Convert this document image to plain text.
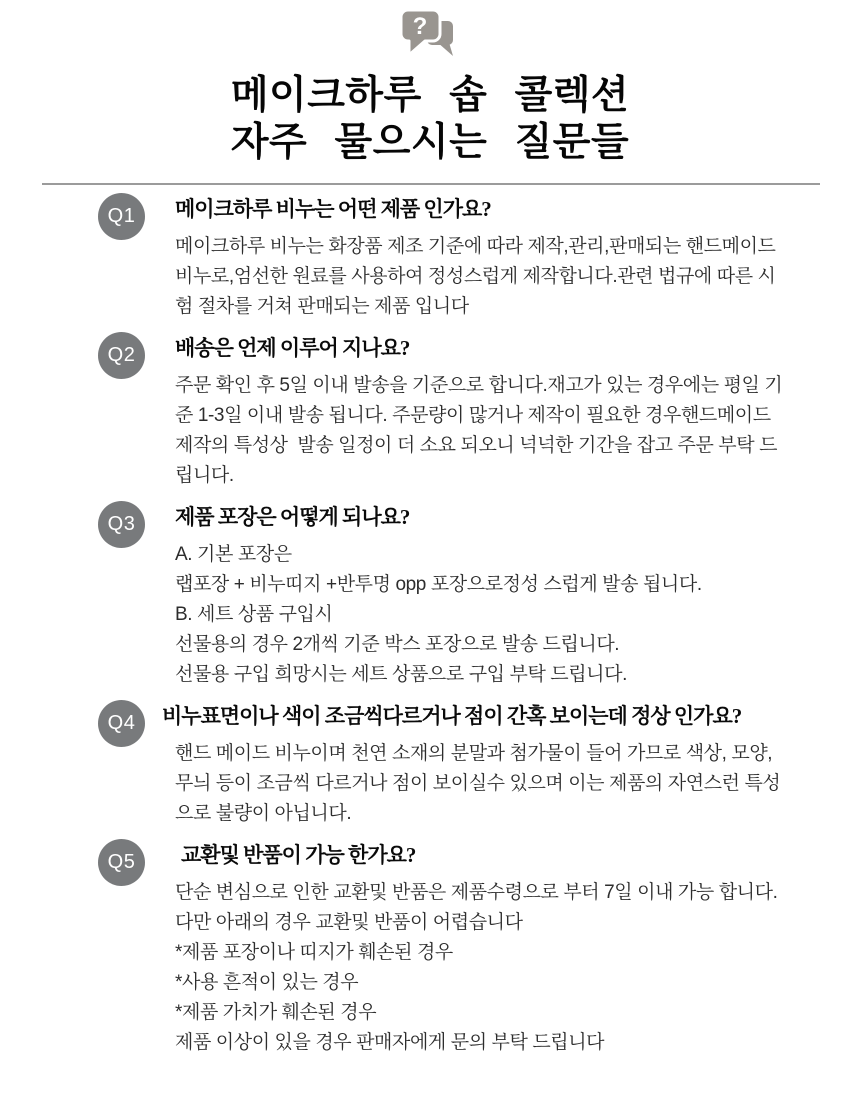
?
메이크하루 솝 콜렉션
자주 물으시는 질문들
Q1	메이크하루 비누는 어떤 제품 인가요?
메이크하루 비누는 화장품 제조 기준에 따라 제작,관리,판매되는 핸드메이드
비누로,엄선한 원료를 사용하여 정성스럽게 제작합니다.관련 법규에 따른 시
험 절차를 거쳐 판매되는 제품 입니다
Q2	배송은 언제 이루어 지나요?
주문 확인 후 5일 이내 발송을 기준으로 합니다.재고가 있는 경우에는 평일 기
준 1-3일 이내 발송 됩니다. 주문량이 많거나 제작이 필요한 경우핸드메이드
제작의 특성상  발송 일정이 더 소요 되오니 넉넉한 기간을 잡고 주문 부탁 드
립니다.
Q3	제품 포장은 어떻게 되나요?
A. 기본 포장은
랩포장 + 비누띠지 +반투명 opp 포장으로정성 스럽게 발송 됩니다.
B. 세트 상품 구입시
선물용의 경우 2개씩 기준 박스 포장으로 발송 드립니다.
선물용 구입 희망시는 세트 상품으로 구입 부탁 드립니다.
Q4	비누표면이나 색이 조금씩다르거나 점이 간혹 보이는데 정상 인가요?
핸드 메이드 비누이며 천연 소재의 분말과 첨가물이 들어 가므로 색상, 모양,
무늬 등이 조금씩 다르거나 점이 보이실수 있으며 이는 제품의 자연스런 특성
으로 불량이 아닙니다.
Q5	교환및 반품이 가능 한가요?
단순 변심으로 인한 교환및 반품은 제품수령으로 부터 7일 이내 가능 합니다.
다만 아래의 경우 교환및 반품이 어렵습니다
*제품 포장이나 띠지가 훼손된 경우
*사용 흔적이 있는 경우
*제품 가치가 훼손된 경우
제품 이상이 있을 경우 판매자에게 문의 부탁 드립니다
